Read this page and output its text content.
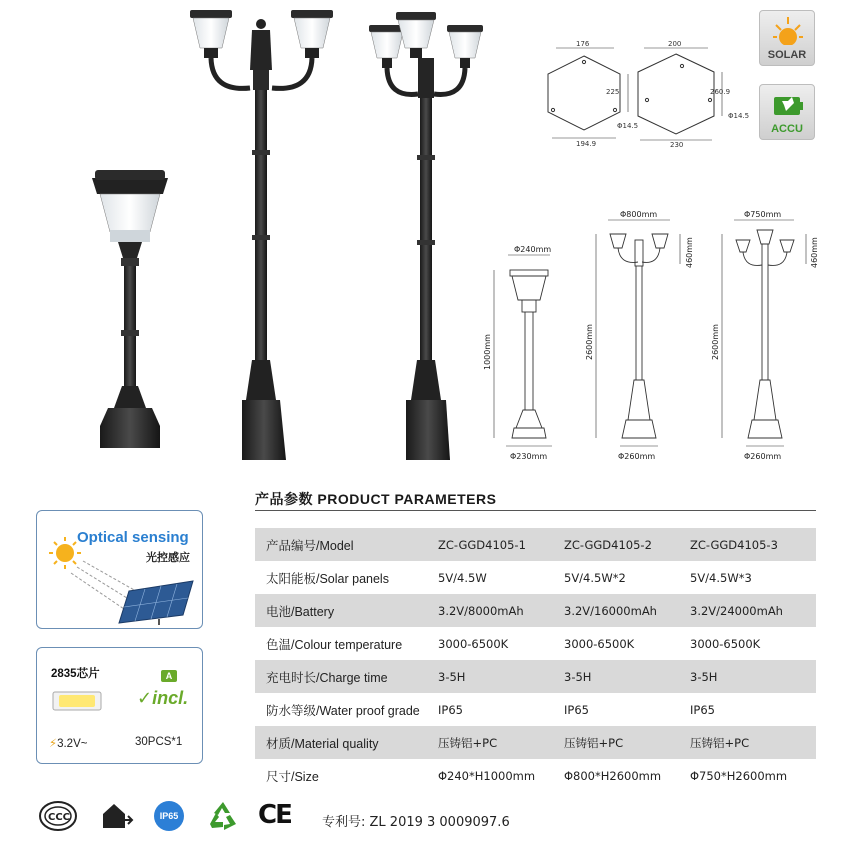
176
225
Φ14.5
194.9
200
260.9
Φ14.5
230
SOLAR
ACCU
Φ240mm
1000mm
Φ230mm
Φ800mm
460mm
2600mm
Φ260mm
Φ750mm
460mm
2600mm
Φ260mm
产品参数 PRODUCT PARAMETERS
产品编号/Model	ZC-GGD4105-1	ZC-GGD4105-2	ZC-GGD4105-3
太阳能板/Solar panels	5V/4.5W	5V/4.5W*2	5V/4.5W*3
电池/Battery	3.2V/8000mAh	3.2V/16000mAh	3.2V/24000mAh
色温/Colour temperature	3000-6500K	3000-6500K	3000-6500K
充电时长/Charge time	3-5H	3-5H	3-5H
防水等级/Water proof grade	IP65	IP65	IP65
材质/Material quality	压铸铝+PC	压铸铝+PC	压铸铝+PC
尺寸/Size	Φ240*H1000mm	Φ800*H2600mm	Φ750*H2600mm
Optical sensing
光控感应
2835芯片	A
✓incl.
⚡3.2V~	30PCS*1
CCC	IP65	CE 专利号: ZL 2019 3 0009097.6
